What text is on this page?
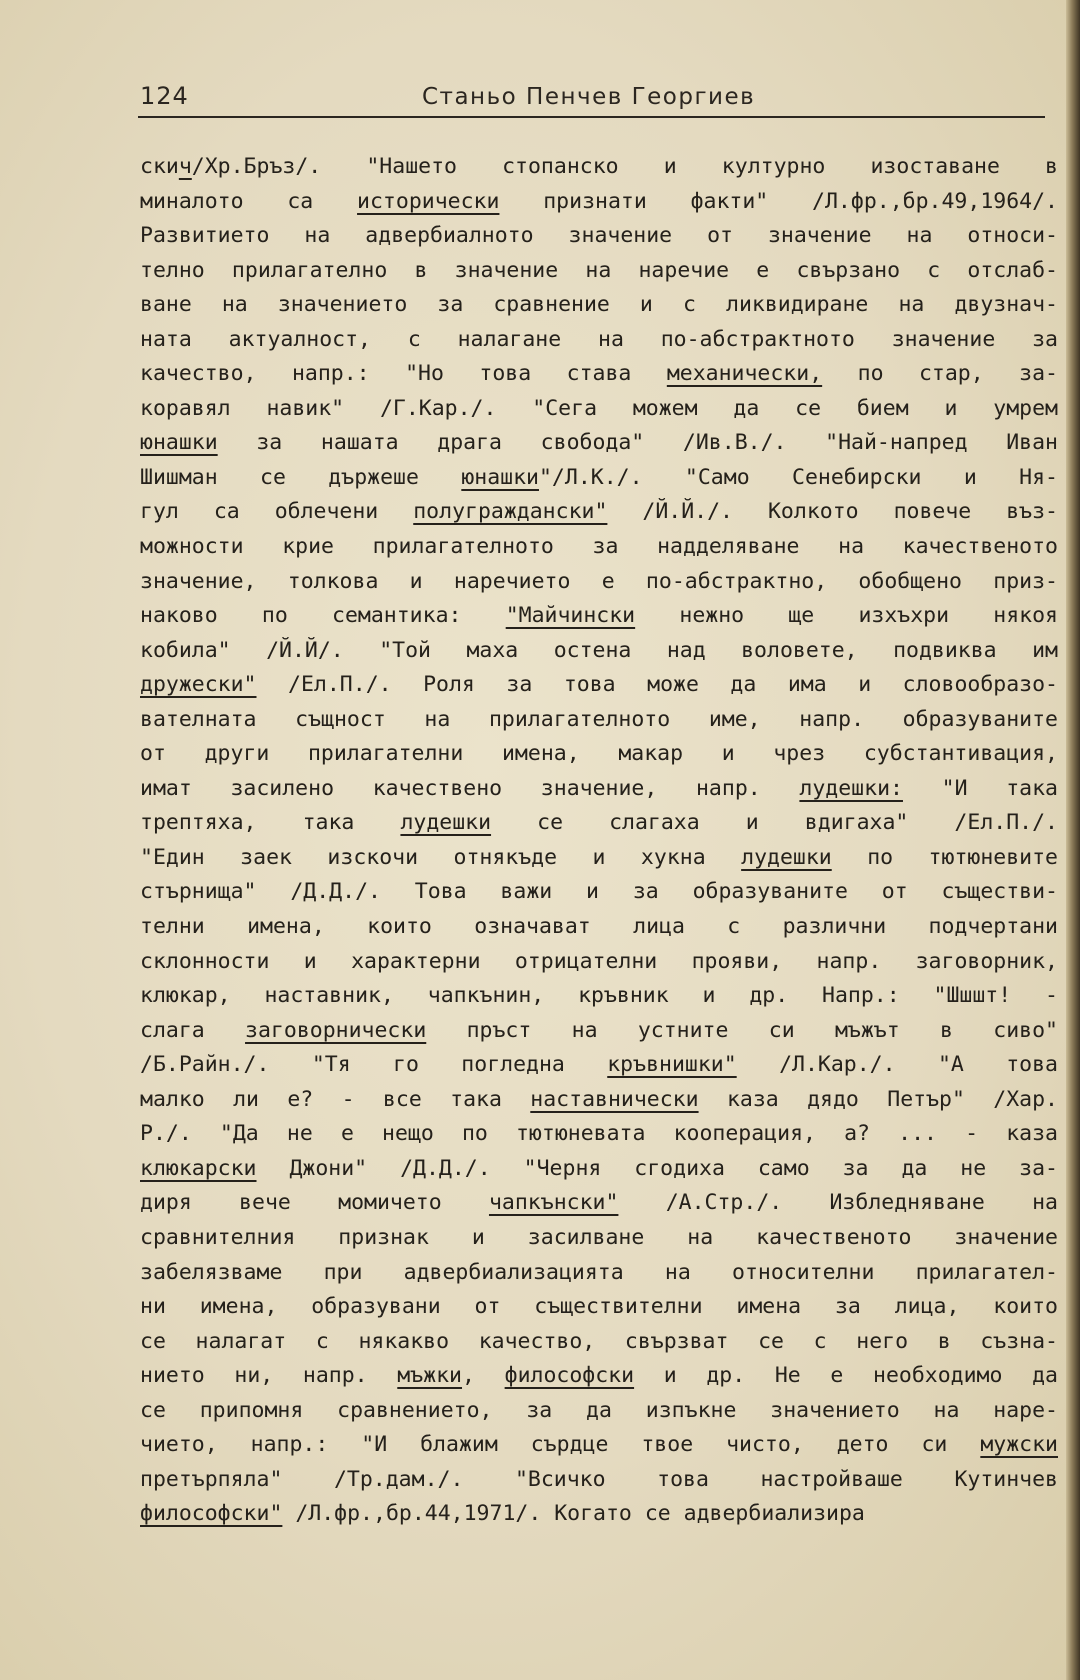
124	Станьо Пенчев Георгиев
скич/Хр.Бръз/. "Нашето стопанско и културно изоставане в
миналото са исторически признати факти" /Л.фр.,бр.49,1964/.
Развитието на адвербиалното значение от значение на относи-
телно прилагателно в значение на наречие е свързано с отслаб-
ване на значението за сравнение и с ликвидиране на двузнач-
ната актуалност, с налагане на по-абстрактното значение за
качество, напр.: "Но това става механически, по стар, за-
коравял навик" /Г.Кар./. "Сега можем да се бием и умрем
юнашки за нашата драга свобода" /Ив.В./. "Най-напред Иван
Шишман се държеше юнашки"/Л.К./. "Само Сенебирски и Ня-
гул са облечени полуграждански" /Й.Й./. Колкото повече въз-
можности крие прилагателното за надделяване на качественото
значение, толкова и наречието е по-абстрактно, обобщено приз-
наково по семантика: "Майчински нежно ще изхъхри някоя
кобила" /Й.Й/. "Той маха остена над воловете, подвиква им
дружески" /Ел.П./. Роля за това може да има и словообразо-
вателната същност на прилагателното име, напр. образуваните
от други прилагателни имена, макар и чрез субстантивация,
имат засилено качествено значение, напр. лудешки: "И така
трептяха, така лудешки се слагаха и вдигаха" /Ел.П./.
"Един заек изскочи отнякъде и хукна лудешки по тютюневите
стърнища" /Д.Д./. Това важи и за образуваните от съществи-
телни имена, които означават лица с различни подчертани
склонности и характерни отрицателни прояви, напр. заговорник,
клюкар, наставник, чапкънин, кръвник и др. Напр.: "Шшшт! -
слага заговорнически пръст на устните си мъжът в сиво"
/Б.Райн./. "Тя го погледна кръвнишки" /Л.Кар./. "А това
малко ли е? - все така наставнически каза дядо Петър" /Хар.
Р./. "Да не е нещо по тютюневата кооперация, а? ... - каза
клюкарски Джони" /Д.Д./. "Черня сгодиха само за да не за-
диря вече момичето чапкънски" /А.Стр./. Избледняване на
сравнителния признак и засилване на качественото значение
забелязваме при адвербиализацията на относителни прилагател-
ни имена, образувани от съществителни имена за лица, които
се налагат с някакво качество, свързват се с него в съзна-
нието ни, напр. мъжки, философски и др. Не е необходимо да
се припомня сравнението, за да изпъкне значението на наре-
чието, напр.: "И блажим сърдце твое чисто, дето си мужски
претърпяла" /Тр.дам./. "Всичко това настройваше Кутинчев
философски" /Л.фр.,бр.44,1971/. Когато се адвербиализира
